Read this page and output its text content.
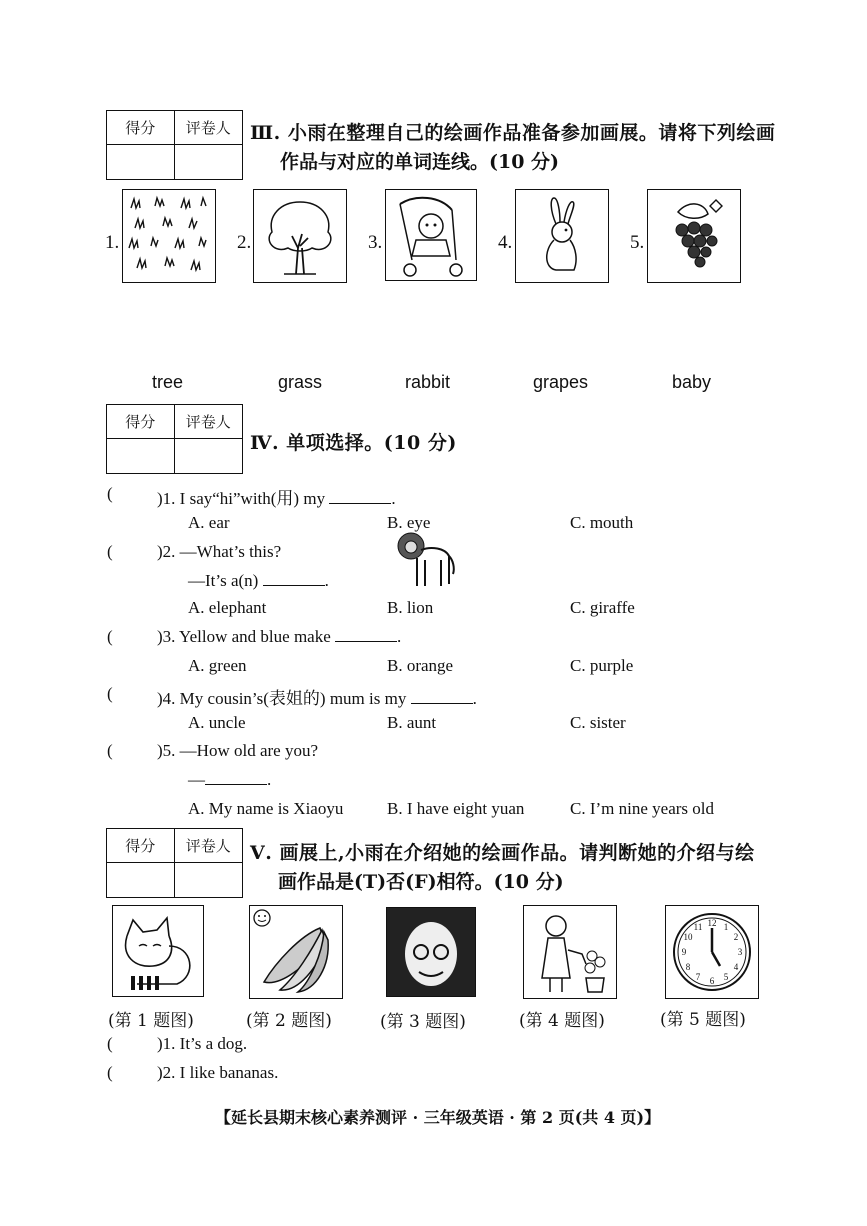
得分	评卷人	Ⅲ. 小雨在整理自己的绘画作品准备参加画展。请将下列绘画
作品与对应的单词连线。(10 分)
1.	2.	3.	4.	5.
tree	grass	rabbit	grapes	baby
得分	评卷人
Ⅳ. 单项选择。(10 分)
(	)1. I say“hi”with(用) my	.
A. ear	B. eye	C. mouth
(	)2. —What’s this?
—It’s a(n)	.
A. elephant	B. lion	C. giraffe
(	)3. Yellow and blue make	.
A. green	B. orange	C. purple
(	)4. My cousin’s(表姐的) mum is my	.
A. uncle	B. aunt	C. sister
(	)5. —How old are you?
—	.
A. My name is Xiaoyu	B. I have eight yuan	C. I’m nine years old
得分	评卷人	Ⅴ. 画展上,小雨在介绍她的绘画作品。请判断她的介绍与绘
画作品是(T)否(F)相符。(10 分)
12 1
2
3
4
5
6
7
8
9
10
11
(第 1 题图)	(第 2 题图)	(第 3 题图)	(第 4 题图)	(第 5 题图)
(	)1. It’s a dog.
(	)2. I like bananas.
【延长县期末核心素养测评 · 三年级英语 · 第 2 页(共 4 页)】
